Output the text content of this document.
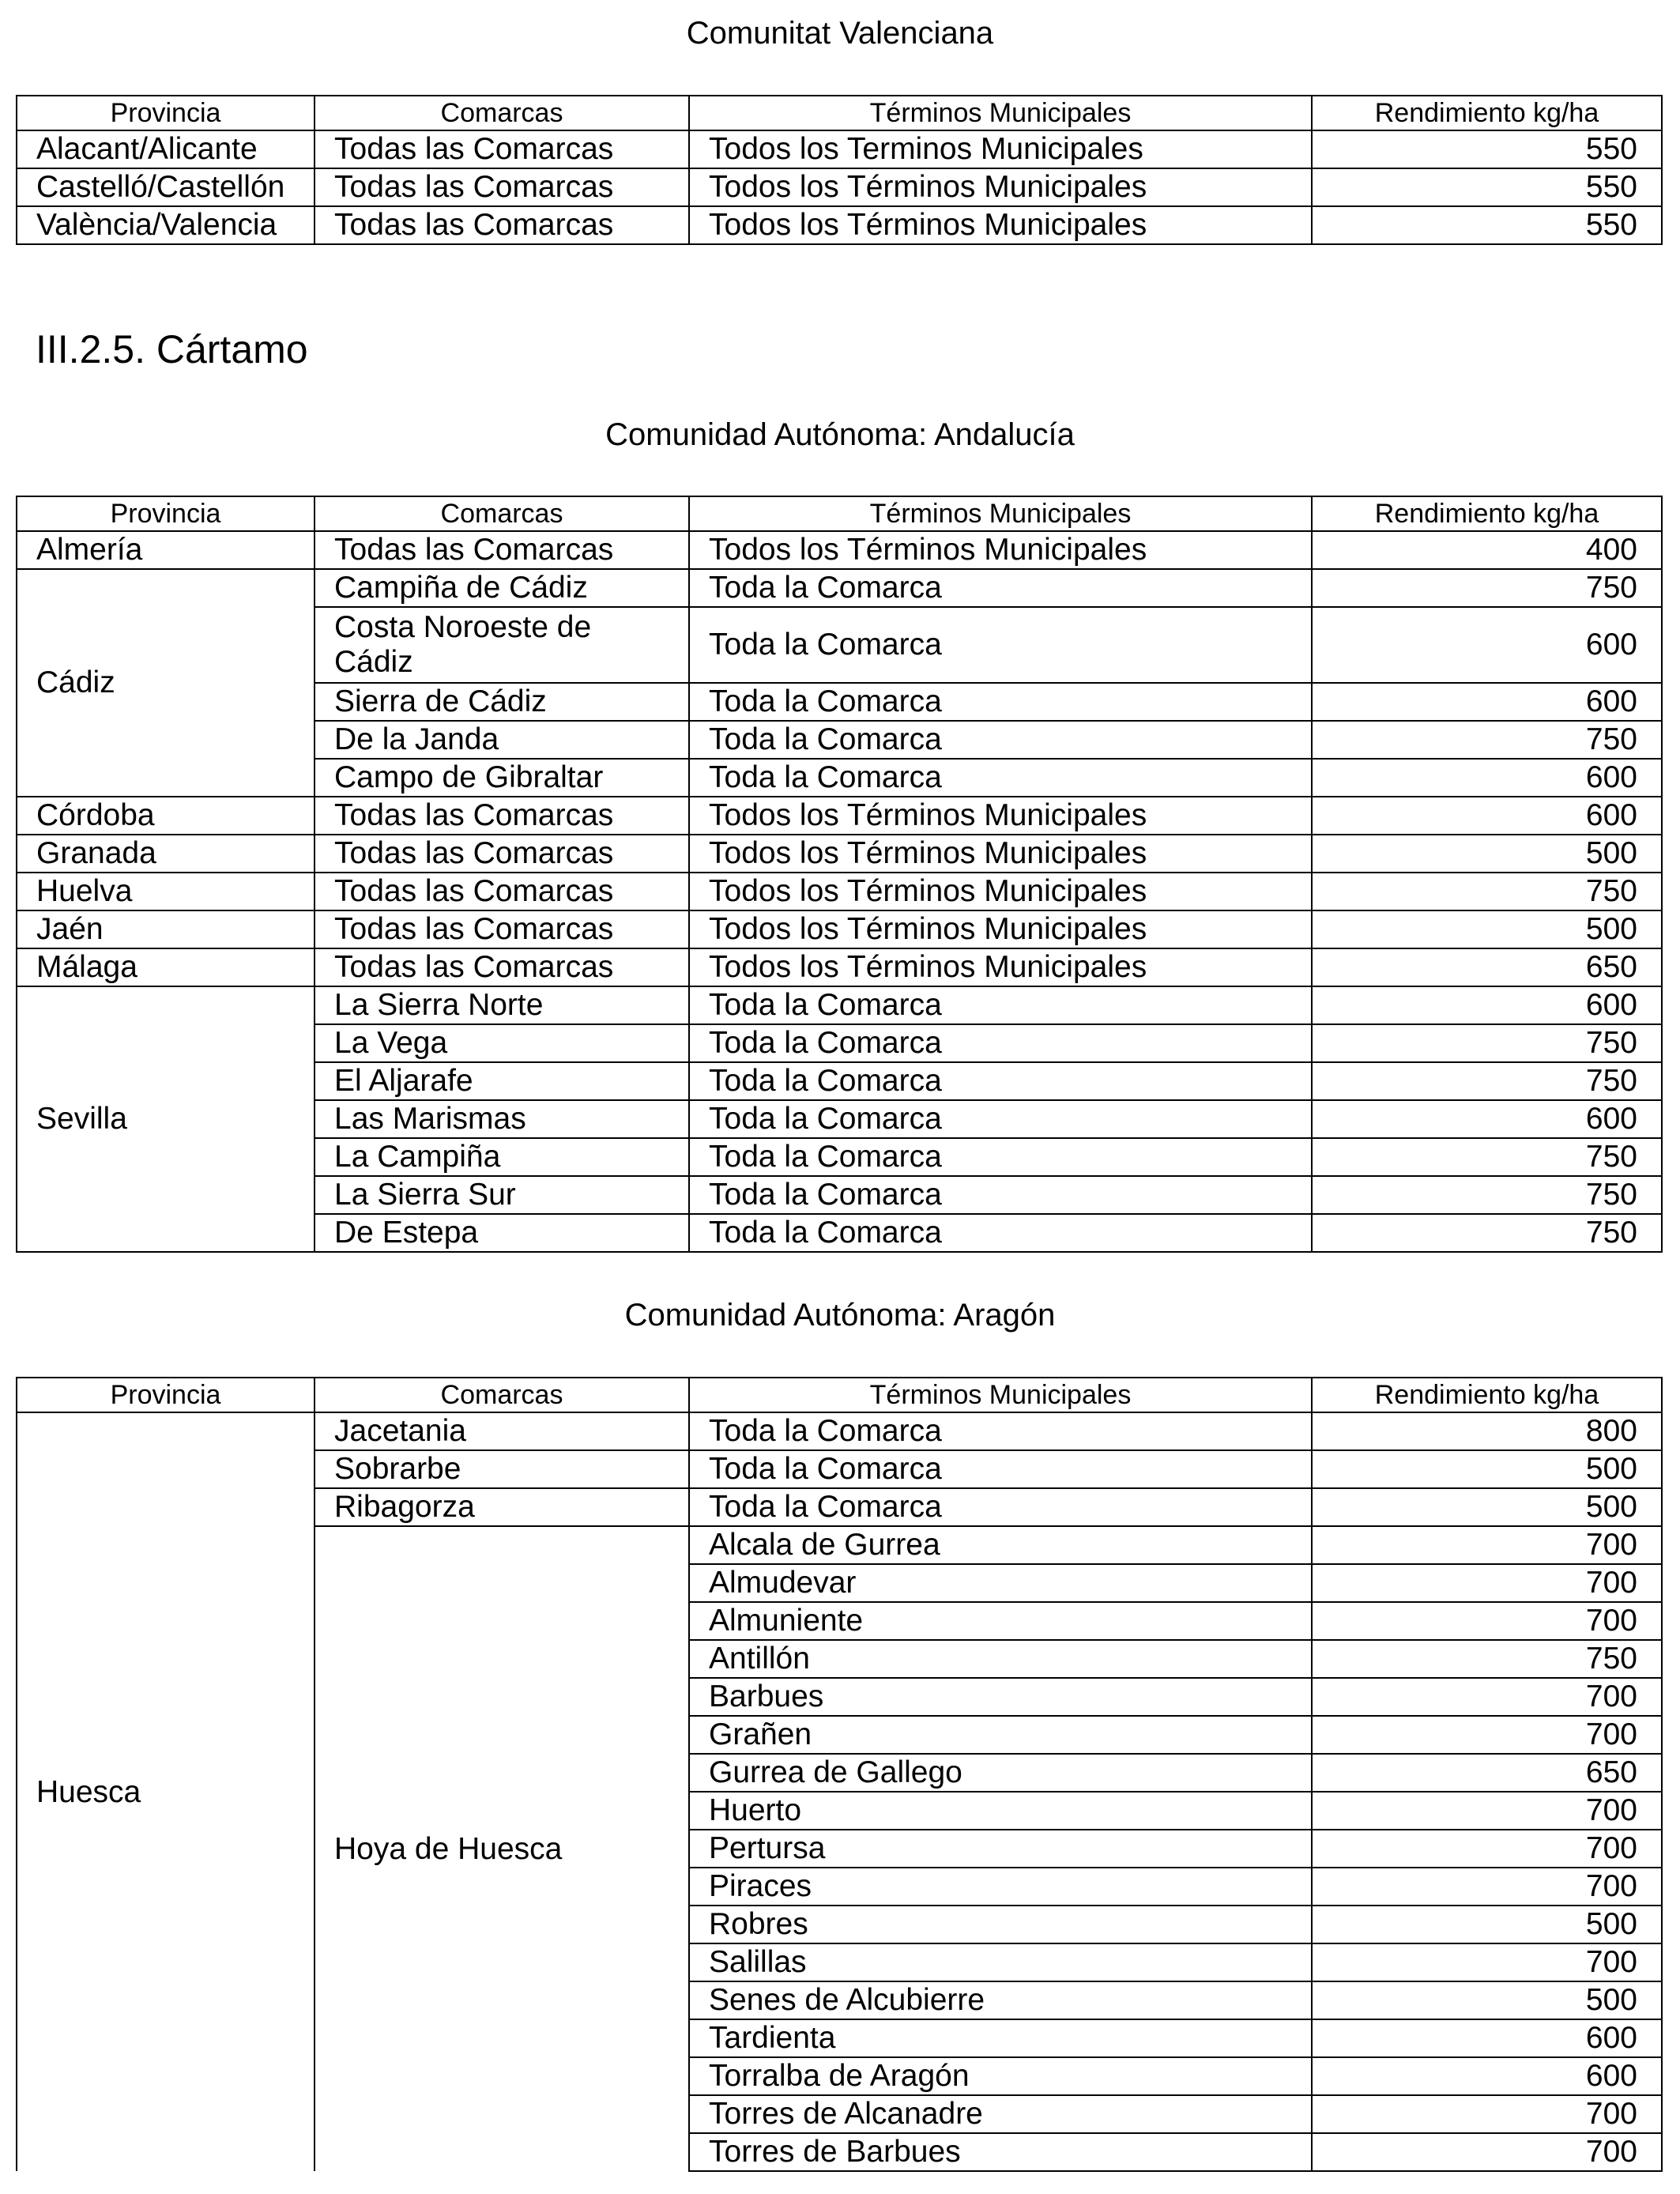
Comunitat Valenciana
Provincia	Comarcas	Términos Municipales	Rendimiento kg/ha
Alacant/Alicante	Todas las Comarcas	Todos los Terminos Municipales	550
Castelló/Castellón	Todas las Comarcas	Todos los Términos Municipales	550
València/Valencia	Todas las Comarcas	Todos los Términos Municipales	550
III.2.5. Cártamo
Comunidad Autónoma: Andalucía
Provincia	Comarcas	Términos Municipales	Rendimiento kg/ha
Almería	Todas las Comarcas	Todos los Términos Municipales	400
Cádiz	Campiña de Cádiz	Toda la Comarca	750
	Costa Noroeste de Cádiz	Toda la Comarca	600
	Sierra de Cádiz	Toda la Comarca	600
	De la Janda	Toda la Comarca	750
	Campo de Gibraltar	Toda la Comarca	600
Córdoba	Todas las Comarcas	Todos los Términos Municipales	600
Granada	Todas las Comarcas	Todos los Términos Municipales	500
Huelva	Todas las Comarcas	Todos los Términos Municipales	750
Jaén	Todas las Comarcas	Todos los Términos Municipales	500
Málaga	Todas las Comarcas	Todos los Términos Municipales	650
Sevilla	La Sierra Norte	Toda la Comarca	600
	La Vega	Toda la Comarca	750
	El Aljarafe	Toda la Comarca	750
	Las Marismas	Toda la Comarca	600
	La Campiña	Toda la Comarca	750
	La Sierra Sur	Toda la Comarca	750
	De Estepa	Toda la Comarca	750
Comunidad Autónoma: Aragón
Provincia	Comarcas	Términos Municipales	Rendimiento kg/ha
Huesca	Jacetania	Toda la Comarca	800
	Sobrarbe	Toda la Comarca	500
	Ribagorza	Toda la Comarca	500
	Hoya de Huesca	Alcala de Gurrea	700
		Almudevar	700
		Almuniente	700
		Antillón	750
		Barbues	700
		Grañen	700
		Gurrea de Gallego	650
		Huerto	700
		Pertursa	700
		Piraces	700
		Robres	500
		Salillas	700
		Senes de Alcubierre	500
		Tardienta	600
		Torralba de Aragón	600
		Torres de Alcanadre	700
		Torres de Barbues	700
